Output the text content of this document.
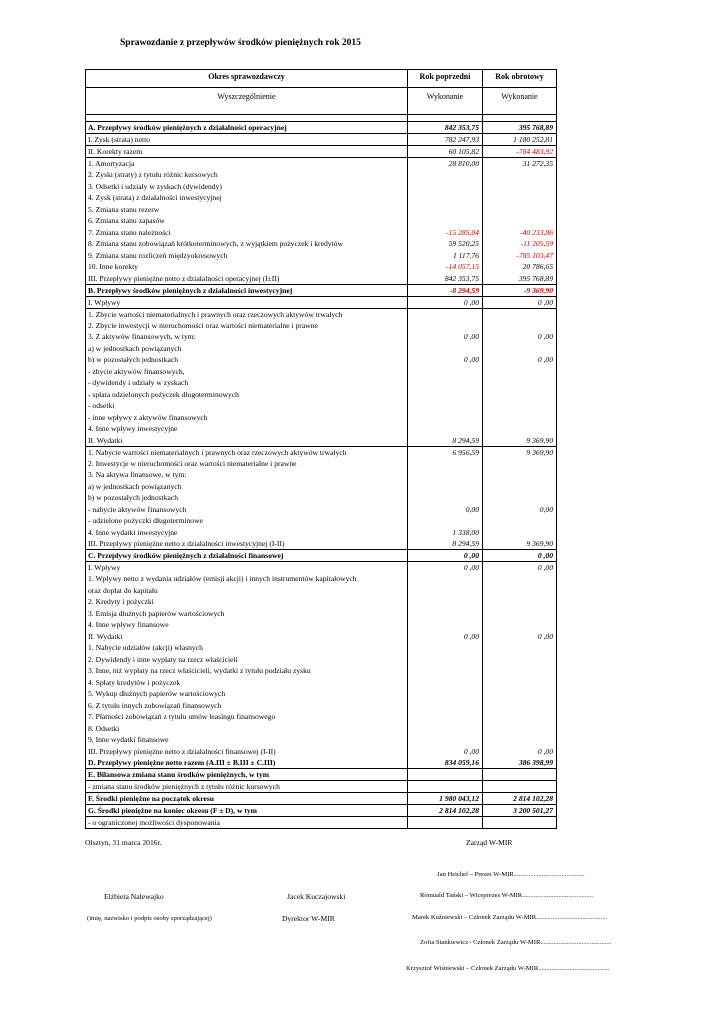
Sprawozdanie z przepływów środków pieniężnych rok 2015
Okres sprawozdawczy	Rok poprzedni	Rok obrotowy
Wyszczególnienie	Wykonanie	Wykonanie

A. Przepływy środków pieniężnych z działalności operacyjnej	842 353,75	395 768,89
I. Zysk (strata) netto	782 247,93	1 180 252,81
II. Korekty razem	60 105,82	-784 483,92
1. Amortyzacja	28 810,00	31 272,35
2. Zyski (straty) z tytułu różnic kursowych		
3. Odsetki i udziały w zyskach (dywidendy)		
4. Zysk (strata) z działalności inwestycyjnej		
5. Zmiana stanu rezerw		
6. Zmiana stanu zapasów		
7. Zmiana stanu należności	-15 285,04	-40 233,86
8. Zmiana stanu zobowiązań krótkoterminowych, z wyjątkiem pożyczek i kredytów	59 520,25	-11 205,59
9. Zmiana stanu rozliczeń międzyokresowych	1 117,76	-785 103,47
10. Inne korekty	-14 057,15	20 786,65
III. Przepływy pieniężne netto z działalności operacyjnej (I±II)	842 353,75	395 768,89
B. Przepływy środków pieniężnych z działalności inwestycyjnej	-8 294,59	-9 369,90
I. Wpływy	0 ,00	0 ,00
1. Zbycie wartości niematerialnych i prawnych oraz rzeczowych aktywów trwałych		
2. Zbycie inwestycji w nieruchomości oraz wartości niematerialne i prawne		
3. Z aktywów finansowych, w tym:	0 ,00	0 ,00
a) w jednostkach powiązanych		
b) w pozostałych jednostkach	0 ,00	0 ,00
- zbycie aktywów finansowych,		
- dywidendy i udziały w zyskach		
- spłata udzielonych pożyczek długoterminowych		
- odsetki		
- inne wpływy z aktywów finansowych		
4. Inne wpływy inwestycyjne		
II. Wydatki	8 294,59	9 369,90
1. Nabycie wartości niematerialnych i prawnych oraz rzeczowych aktywów trwałych	6 956,59	9 369,90
2. Inwestycje w nieruchomości oraz wartości niematerialne i prawne		
3. Na aktywa finansowe, w tym:		
a) w jednostkach powiązanych		
b) w pozostałych jednostkach		
- nabycie aktywów finansowych	0,00	0,00
- udzielone pożyczki długoterminowe		
4. Inne wydatki inwestycyjne	1 338,00	
III. Przepływy pieniężne netto z działalności inwestycyjnej (I-II)	8 294,59	9 369,90
C. Przepływy środków pieniężnych z działalności finansowej	0 ,00	0 ,00
I. Wpływy	0 ,00	0 ,00
1. Wpływy netto z wydania udziałów (emisji akcji) i innych instrumentów kapitałowych		
oraz dopłat do kapitału		
2. Kredyty i pożyczki		
3. Emisja dłużnych papierów wartościowych		
4. Inne wpływy finansowe		
II. Wydatki	0 ,00	0 ,00
1. Nabycie udziałów (akcji) własnych		
2. Dywidendy i inne wypłaty na rzecz właścicieli		
3. Inne, niż wypłaty na rzecz właścicieli, wydatki z tytułu podziału zysku		
4. Spłaty kredytów i pożyczek		
5. Wykup dłużnych papierów wartościowych		
6. Z tytułu innych zobowiązań finansowych		
7. Płatności zobowiązań z tytułu umów leasingu finansowego		
8. Odsetki		
9. Inne wydatki finansowe		
III. Przepływy pieniężne netto z działalności finansowej (I-II)	0 ,00	0 ,00
D. Przepływy pieniężne netto razem (A.III ± B.III ± C.III)	834 059,16	386 398,99
E. Bilansowa zmiana stanu środków pieniężnych, w tym		
- zmiana stanu środków pieniężnych z tytułu różnic kursowych		
F. Środki pieniężne na początek okresu	1 980 043,12	2 814 102,28
G. Środki pieniężne na koniec okresu (F ± D), w tym	2 814 102,28	3 200 501,27
- o ograniczonej możliwości dysponowania		
Olsztyn, 31 marca 2016r.	Zarząd W-MIR
Jan Heichel – Prezes W-MIR...........................................
Elżbieta Nalewajko	Jacek Kuczajowski	Romuald Tański – Wiceprezes W-MIR...........................................
(imię, nazwisko i podpis osoby sporządzającej)	Dyrektor W-MIR	Marek Kuźniewski – Członek Zarządu W-MIR...........................................
Zofia Stankiewicz– Członek Zarządu W-MIR...........................................
Krzysztof Wiśniewski – Członek Zarządu W-MIR...........................................
